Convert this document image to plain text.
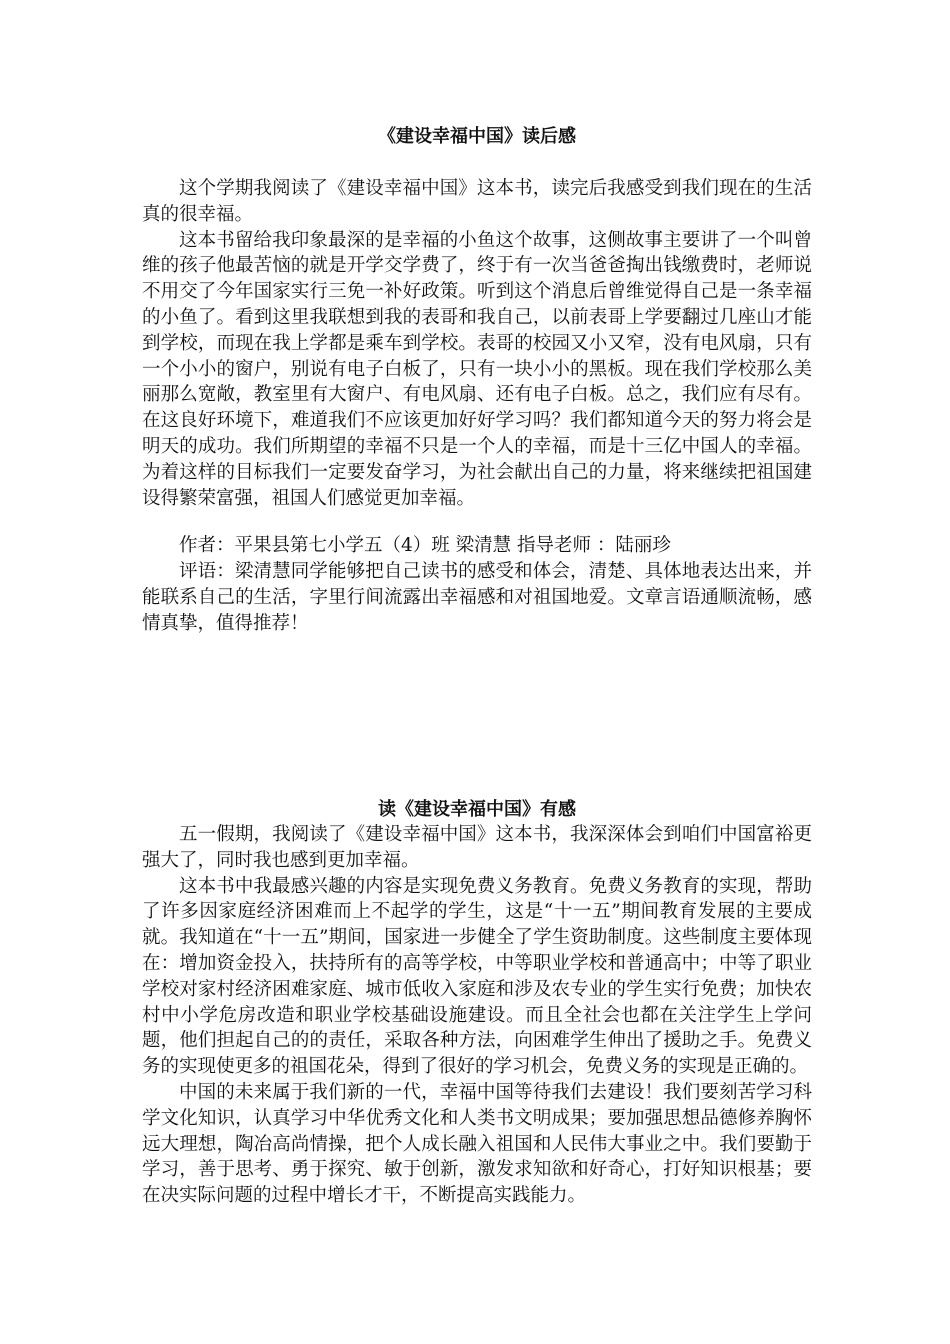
《建设幸福中国》读后感

这个学期我阅读了《建设幸福中国》这本书，读完后我感受到我们现在的生活真的很幸福。

这本书留给我印象最深的是幸福的小鱼这个故事，这侧故事主要讲了一个叫曾维的孩子他最苦恼的就是开学交学费了，终于有一次当爸爸掏出钱缴费时，老师说不用交了今年国家实行三免一补好政策。听到这个消息后曾维觉得自己是一条幸福的小鱼了。看到这里我联想到我的表哥和我自己，以前表哥上学要翻过几座山才能到学校，而现在我上学都是乘车到学校。表哥的校园又小又窄，没有电风扇，只有一个小小的窗户，别说有电子白板了，只有一块小小的黑板。现在我们学校那么美丽那么宽敞，教室里有大窗户、有电风扇、还有电子白板。总之，我们应有尽有。在这良好环境下，难道我们不应该更加好好学习吗？我们都知道今天的努力将会是明天的成功。我们所期望的幸福不只是一个人的幸福，而是十三亿中国人的幸福。为着这样的目标我们一定要发奋学习，为社会献出自己的力量，将来继续把祖国建设得繁荣富强，祖国人们感觉更加幸福。

作者：平果县第七小学五（4）班 梁清慧 指导老师 ：陆丽珍

评语：梁清慧同学能够把自己读书的感受和体会，清楚、具体地表达出来，并能联系自己的生活，字里行间流露出幸福感和对祖国地爱。文章言语通顺流畅，感情真挚，值得推荐！

读《建设幸福中国》有感

五一假期，我阅读了《建设幸福中国》这本书，我深深体会到咱们中国富裕更强大了，同时我也感到更加幸福。

这本书中我最感兴趣的内容是实现免费义务教育。免费义务教育的实现，帮助了许多因家庭经济困难而上不起学的学生，这是“十一五”期间教育发展的主要成就。我知道在“十一五”期间，国家进一步健全了学生资助制度。这些制度主要体现在：增加资金投入，扶持所有的高等学校，中等职业学校和普通高中；中等了职业学校对家村经济困难家庭、城市低收入家庭和涉及农专业的学生实行免费；加快农村中小学危房改造和职业学校基础设施建设。而且全社会也都在关注学生上学问题，他们担起自己的的责任，采取各种方法，向困难学生伸出了援助之手。免费义务的实现使更多的祖国花朵，得到了很好的学习机会，免费义务的实现是正确的。

中国的未来属于我们新的一代，幸福中国等待我们去建设！我们要刻苦学习科学文化知识，认真学习中华优秀文化和人类书文明成果；要加强思想品德修养胸怀远大理想，陶冶高尚情操，把个人成长融入祖国和人民伟大事业之中。我们要勤于学习，善于思考、勇于探究、敏于创新，激发求知欲和好奇心，打好知识根基；要在决实际问题的过程中增长才干，不断提高实践能力。
